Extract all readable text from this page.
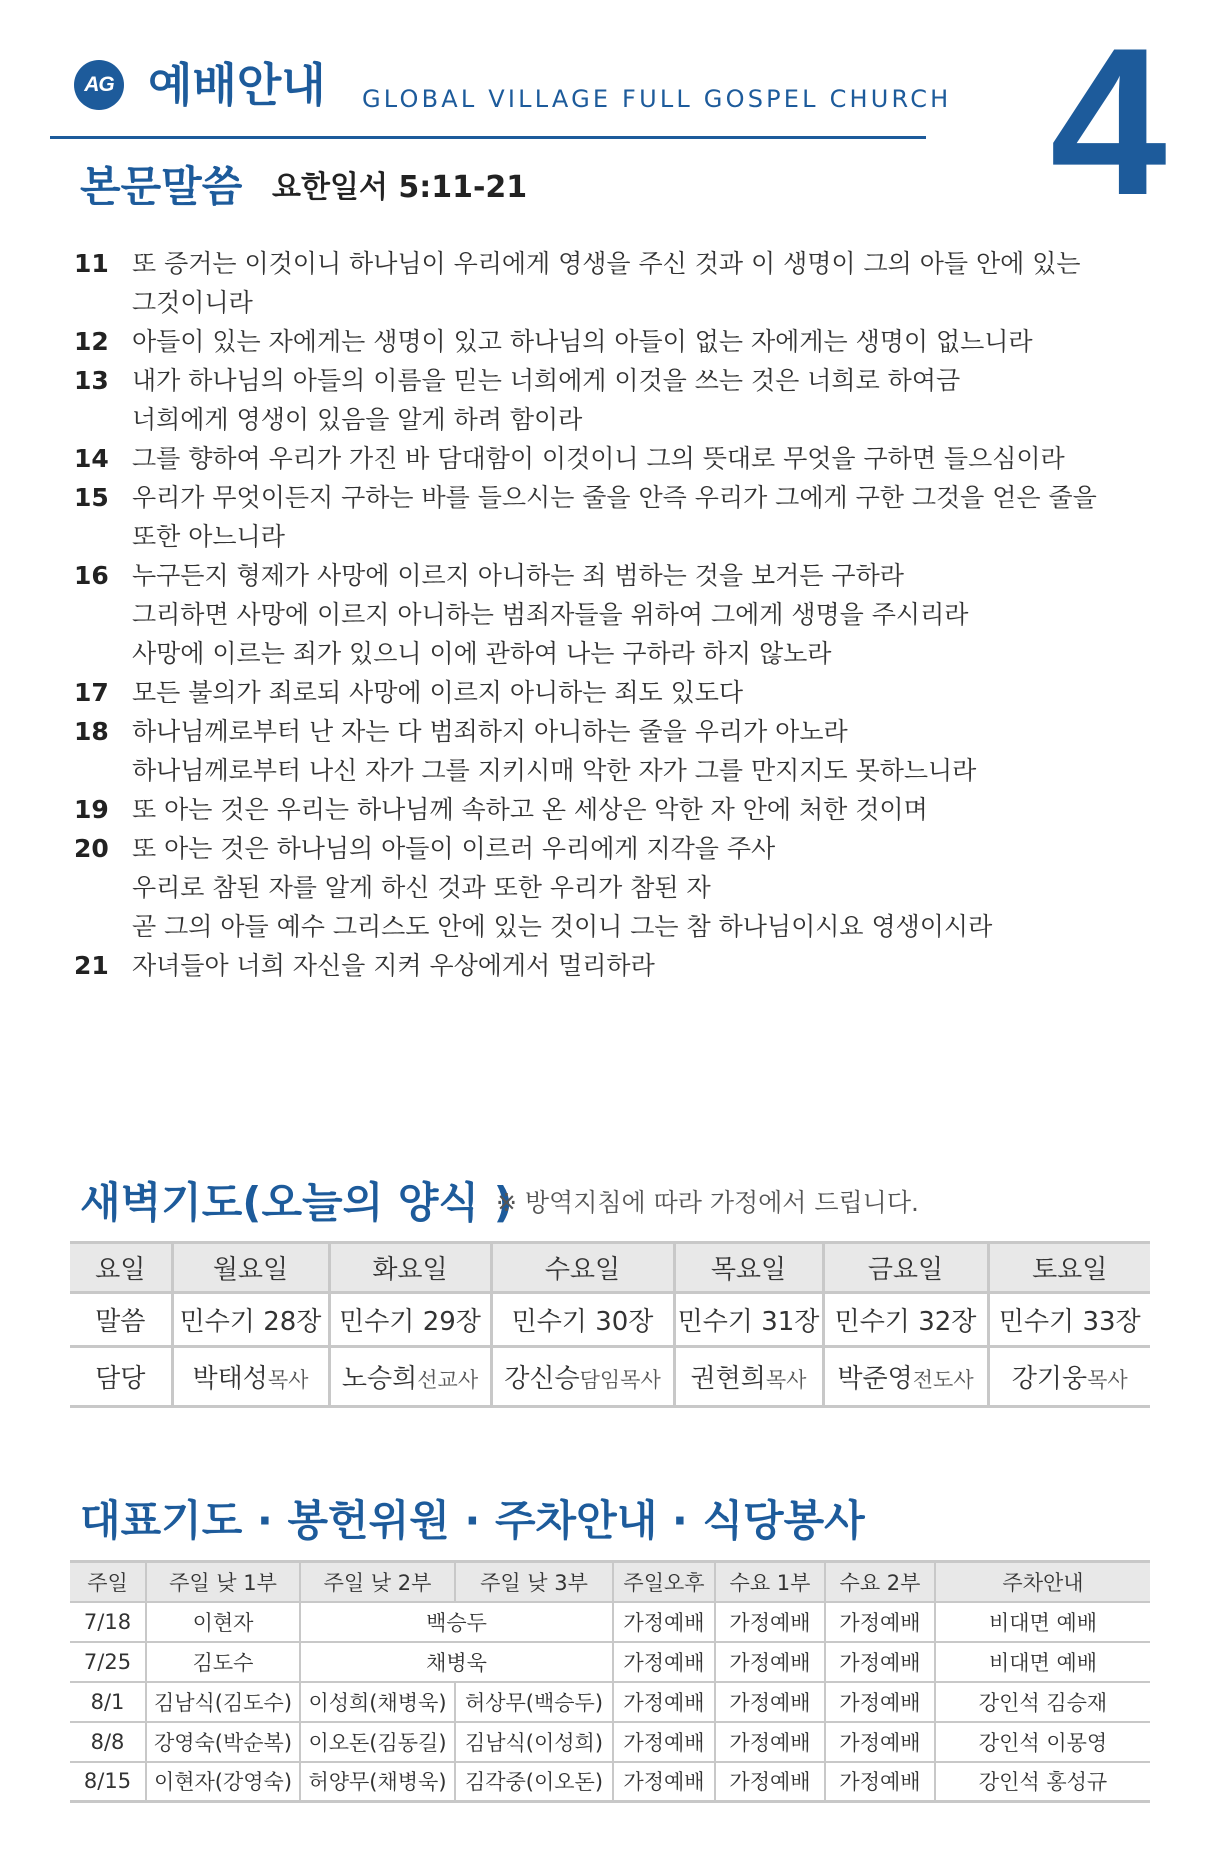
AG 예배안내 GLOBAL VILLAGE FULL GOSPEL CHURCH 4
본문말씀 요한일서 5:11-21
11 또 증거는 이것이니 하나님이 우리에게 영생을 주신 것과 이 생명이 그의 아들 안에 있는
그것이니라
12 아들이 있는 자에게는 생명이 있고 하나님의 아들이 없는 자에게는 생명이 없느니라
13 내가 하나님의 아들의 이름을 믿는 너희에게 이것을 쓰는 것은 너희로 하여금
너희에게 영생이 있음을 알게 하려 함이라
14 그를 향하여 우리가 가진 바 담대함이 이것이니 그의 뜻대로 무엇을 구하면 들으심이라
15 우리가 무엇이든지 구하는 바를 들으시는 줄을 안즉 우리가 그에게 구한 그것을 얻은 줄을
또한 아느니라
16 누구든지 형제가 사망에 이르지 아니하는 죄 범하는 것을 보거든 구하라
그리하면 사망에 이르지 아니하는 범죄자들을 위하여 그에게 생명을 주시리라
사망에 이르는 죄가 있으니 이에 관하여 나는 구하라 하지 않노라
17 모든 불의가 죄로되 사망에 이르지 아니하는 죄도 있도다
18 하나님께로부터 난 자는 다 범죄하지 아니하는 줄을 우리가 아노라
하나님께로부터 나신 자가 그를 지키시매 악한 자가 그를 만지지도 못하느니라
19 또 아는 것은 우리는 하나님께 속하고 온 세상은 악한 자 안에 처한 것이며
20 또 아는 것은 하나님의 아들이 이르러 우리에게 지각을 주사
우리로 참된 자를 알게 하신 것과 또한 우리가 참된 자
곧 그의 아들 예수 그리스도 안에 있는 것이니 그는 참 하나님이시요 영생이시라
21 자녀들아 너희 자신을 지켜 우상에게서 멀리하라
새벽기도(오늘의 양식 )
※ 방역지침에 따라 가정에서 드립니다.
요일	월요일	화요일	수요일	목요일	금요일	토요일
말씀	민수기 28장	민수기 29장	민수기 30장	민수기 31장	민수기 32장	민수기 33장
담당	박태성목사	노승희선교사	강신승담임목사	권현희목사	박준영전도사	강기웅목사
대표기도 · 봉헌위원 · 주차안내 · 식당봉사
주일	주일 낮 1부	주일 낮 2부	주일 낮 3부	주일오후	수요 1부	수요 2부	주차안내
7/18	이현자	백승두		가정예배	가정예배	가정예배	비대면 예배
7/25	김도수	채병욱		가정예배	가정예배	가정예배	비대면 예배
8/1	김남식(김도수)	이성희(채병욱)	허상무(백승두)	가정예배	가정예배	가정예배	강인석 김승재
8/8	강영숙(박순복)	이오돈(김동길)	김남식(이성희)	가정예배	가정예배	가정예배	강인석 이몽영
8/15	이현자(강영숙)	허양무(채병욱)	김각중(이오돈)	가정예배	가정예배	가정예배	강인석 홍성규
